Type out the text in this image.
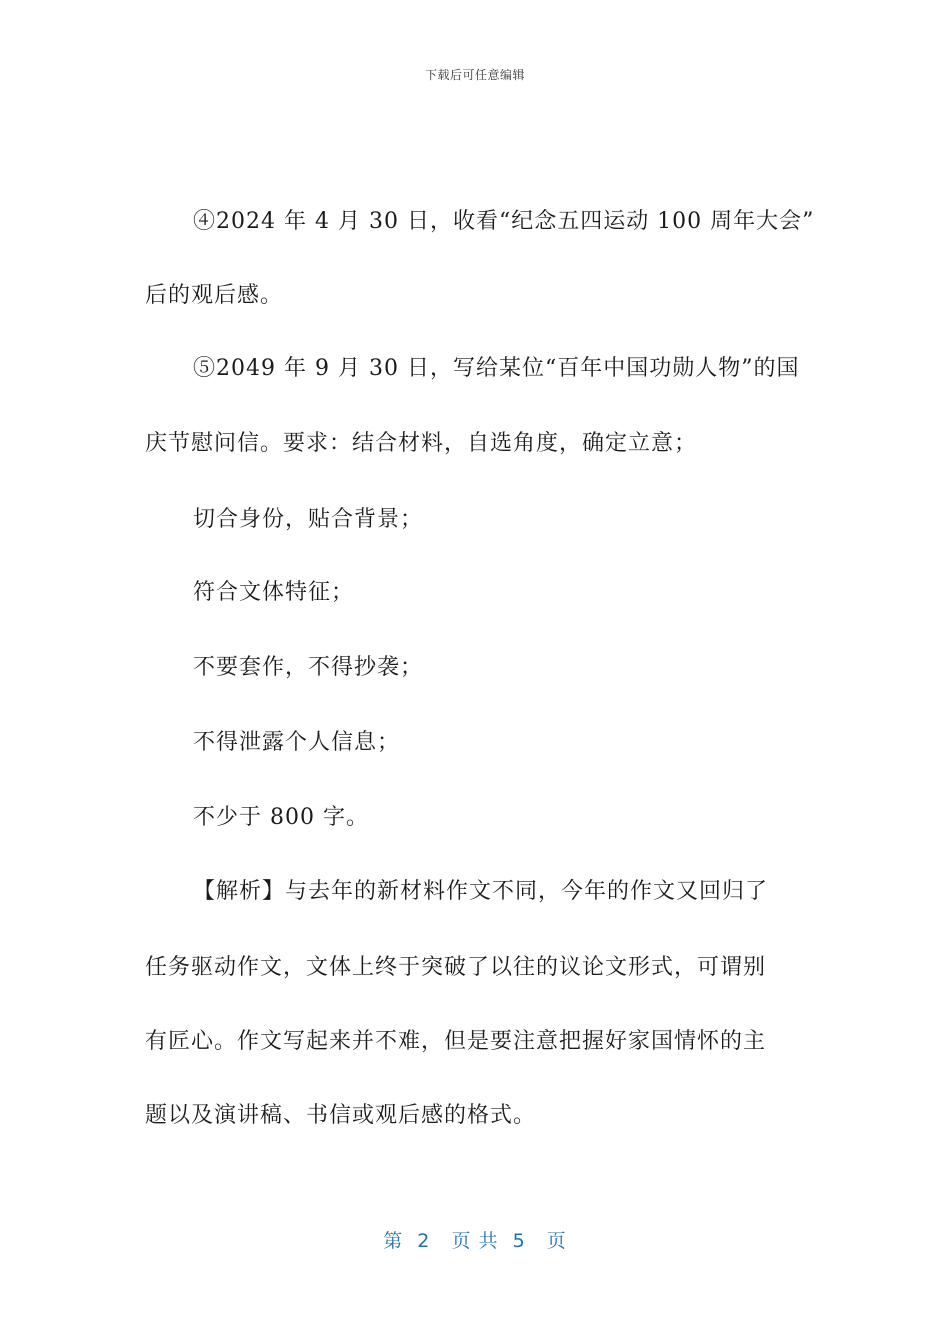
下载后可任意编辑
④2024 年 4 月 30 日，收看“纪念五四运动 100 周年大会”
后的观后感。
⑤2049 年 9 月 30 日，写给某位“百年中国功勋人物”的国
庆节慰问信。要求：结合材料，自选角度，确定立意；
切合身份，贴合背景；
符合文体特征；
不要套作，不得抄袭；
不得泄露个人信息；
不少于 800 字。
【解析】与去年的新材料作文不同，今年的作文又回归了
任务驱动作文，文体上终于突破了以往的议论文形式，可谓别
有匠心。作文写起来并不难，但是要注意把握好家国情怀的主
题以及演讲稿、书信或观后感的格式。
第  2   页 共  5   页
